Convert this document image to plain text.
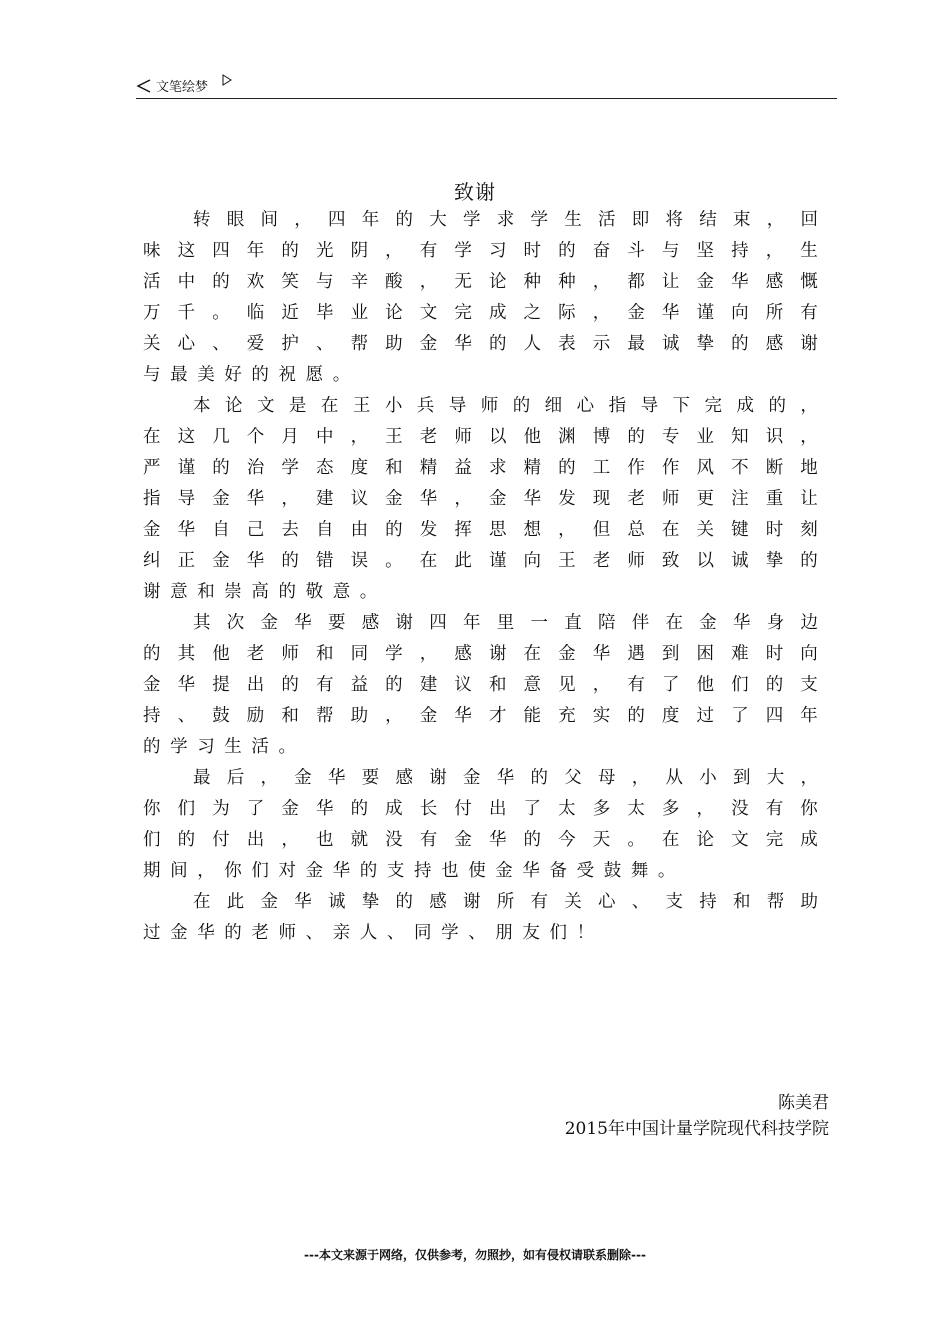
文笔绘梦
致谢
转 眼 间 ， 四 年 的 大 学 求 学 生 活 即 将 结 束 ， 回
味 这 四 年 的 光 阴 ， 有 学 习 时 的 奋 斗 与 坚 持 ， 生
活 中 的 欢 笑 与 辛 酸 ， 无 论 种 种 ， 都 让 金 华 感 慨
万 千 。 临 近 毕 业 论 文 完 成 之 际 ， 金 华 谨 向 所 有
关 心 、 爱 护 、 帮 助 金 华 的 人 表 示 最 诚 挚 的 感 谢
与最美好的祝愿。
本 论 文 是 在 王 小 兵 导 师 的 细 心 指 导 下 完 成 的 ，
在 这 几 个 月 中 ， 王 老 师 以 他 渊 博 的 专 业 知 识 ，
严 谨 的 治 学 态 度 和 精 益 求 精 的 工 作 作 风 不 断 地
指 导 金 华 ， 建 议 金 华 ， 金 华 发 现 老 师 更 注 重 让
金 华 自 己 去 自 由 的 发 挥 思 想 ， 但 总 在 关 键 时 刻
纠 正 金 华 的 错 误 。 在 此 谨 向 王 老 师 致 以 诚 挚 的
谢意和崇高的敬意。
其 次 金 华 要 感 谢 四 年 里 一 直 陪 伴 在 金 华 身 边
的 其 他 老 师 和 同 学 ， 感 谢 在 金 华 遇 到 困 难 时 向
金 华 提 出 的 有 益 的 建 议 和 意 见 ， 有 了 他 们 的 支
持 、 鼓 励 和 帮 助 ， 金 华 才 能 充 实 的 度 过 了 四 年
的学习生活。
最 后 ， 金 华 要 感 谢 金 华 的 父 母 ， 从 小 到 大 ，
你 们 为 了 金 华 的 成 长 付 出 了 太 多 太 多 ， 没 有 你
们 的 付 出 ， 也 就 没 有 金 华 的 今 天 。 在 论 文 完 成
期间，你们对金华的支持也使金华备受鼓舞。
在 此 金 华 诚 挚 的 感 谢 所 有 关 心 、 支 持 和 帮 助
过金华的老师、亲人、同学、朋友们！
陈美君
2015年中国计量学院现代科技学院
---本文来源于网络，仅供参考，勿照抄，如有侵权请联系删除---
